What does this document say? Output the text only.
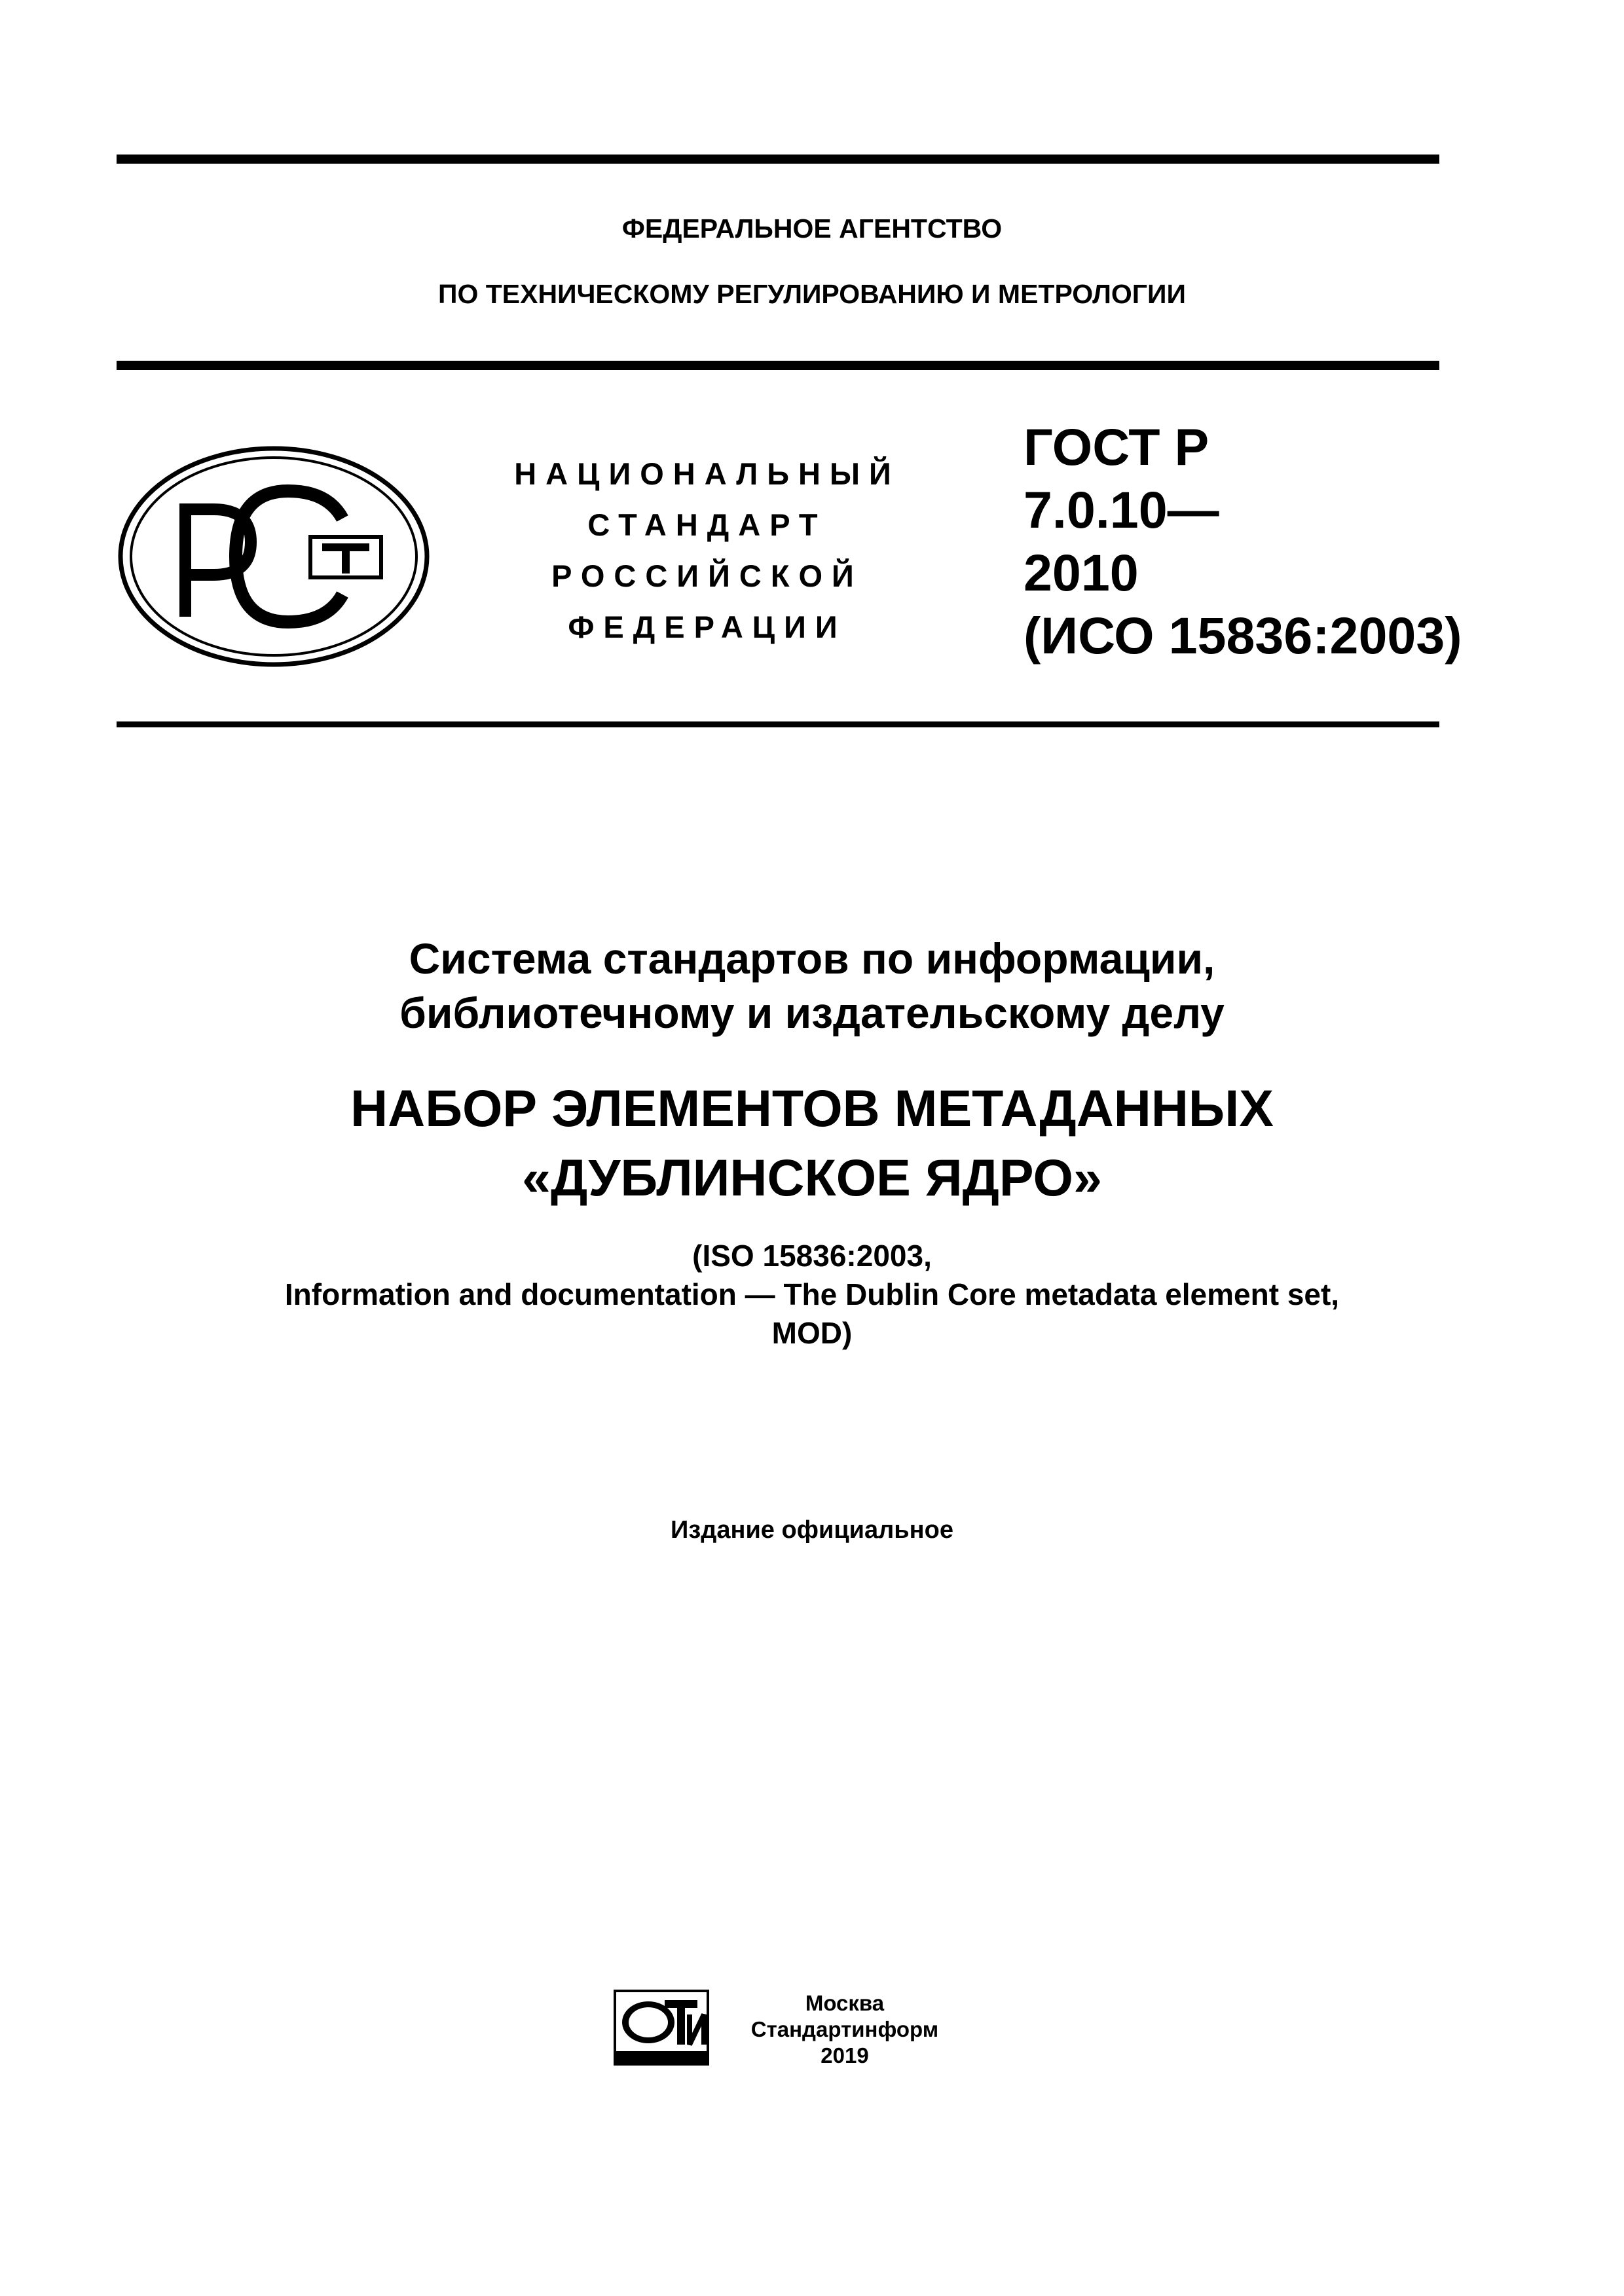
ФЕДЕРАЛЬНОЕ АГЕНТСТВО
ПО ТЕХНИЧЕСКОМУ РЕГУЛИРОВАНИЮ И МЕТРОЛОГИИ
НАЦИОНАЛЬНЫЙ
СТАНДАРТ
РОССИЙСКОЙ
ФЕДЕРАЦИИ
ГОСТ Р
7.0.10—
2010
(ИСО 15836:2003)
Система стандартов по информации,
библиотечному и издательскому делу
НАБОР ЭЛЕМЕНТОВ МЕТАДАННЫХ
«ДУБЛИНСКОЕ ЯДРО»
(ISO 15836:2003,
Information and documentation — The Dublin Core metadata element set,
MOD)
Издание официальное
Москва
Стандартинформ
2019
